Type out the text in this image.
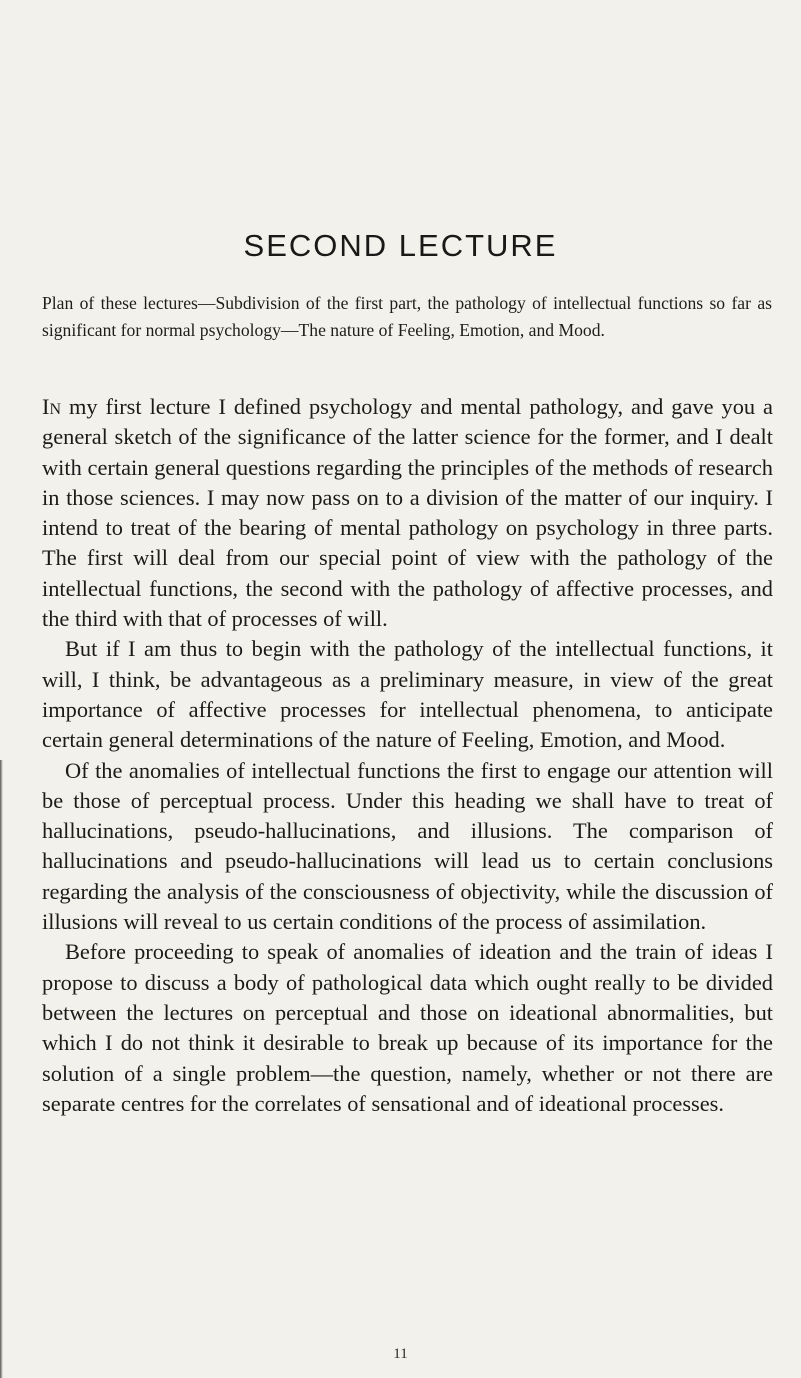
SECOND LECTURE

Plan of these lectures—Subdivision of the first part, the pathology of intellectual functions so far as significant for normal psychology—The nature of Feeling, Emotion, and Mood.

In my first lecture I defined psychology and mental pathology, and gave you a general sketch of the significance of the latter science for the former, and I dealt with certain general questions regarding the principles of the methods of research in those sciences. I may now pass on to a division of the matter of our inquiry. I intend to treat of the bearing of mental pathology on psychology in three parts. The first will deal from our special point of view with the pathology of the intellectual functions, the second with the pathology of affective processes, and the third with that of processes of will.

But if I am thus to begin with the pathology of the intellectual functions, it will, I think, be advantageous as a preliminary measure, in view of the great importance of affective processes for intellectual phenomena, to anticipate certain general determinations of the nature of Feeling, Emotion, and Mood.

Of the anomalies of intellectual functions the first to engage our attention will be those of perceptual process. Under this heading we shall have to treat of hallucinations, pseudo-hallucinations, and illusions. The comparison of hallucinations and pseudo-hallucinations will lead us to certain conclusions regarding the analysis of the consciousness of objectivity, while the discussion of illusions will reveal to us certain conditions of the process of assimilation.

Before proceeding to speak of anomalies of ideation and the train of ideas I propose to discuss a body of pathological data which ought really to be divided between the lectures on perceptual and those on ideational abnormalities, but which I do not think it desirable to break up because of its importance for the solution of a single problem—the question, namely, whether or not there are separate centres for the correlates of sensational and of ideational processes.

11
